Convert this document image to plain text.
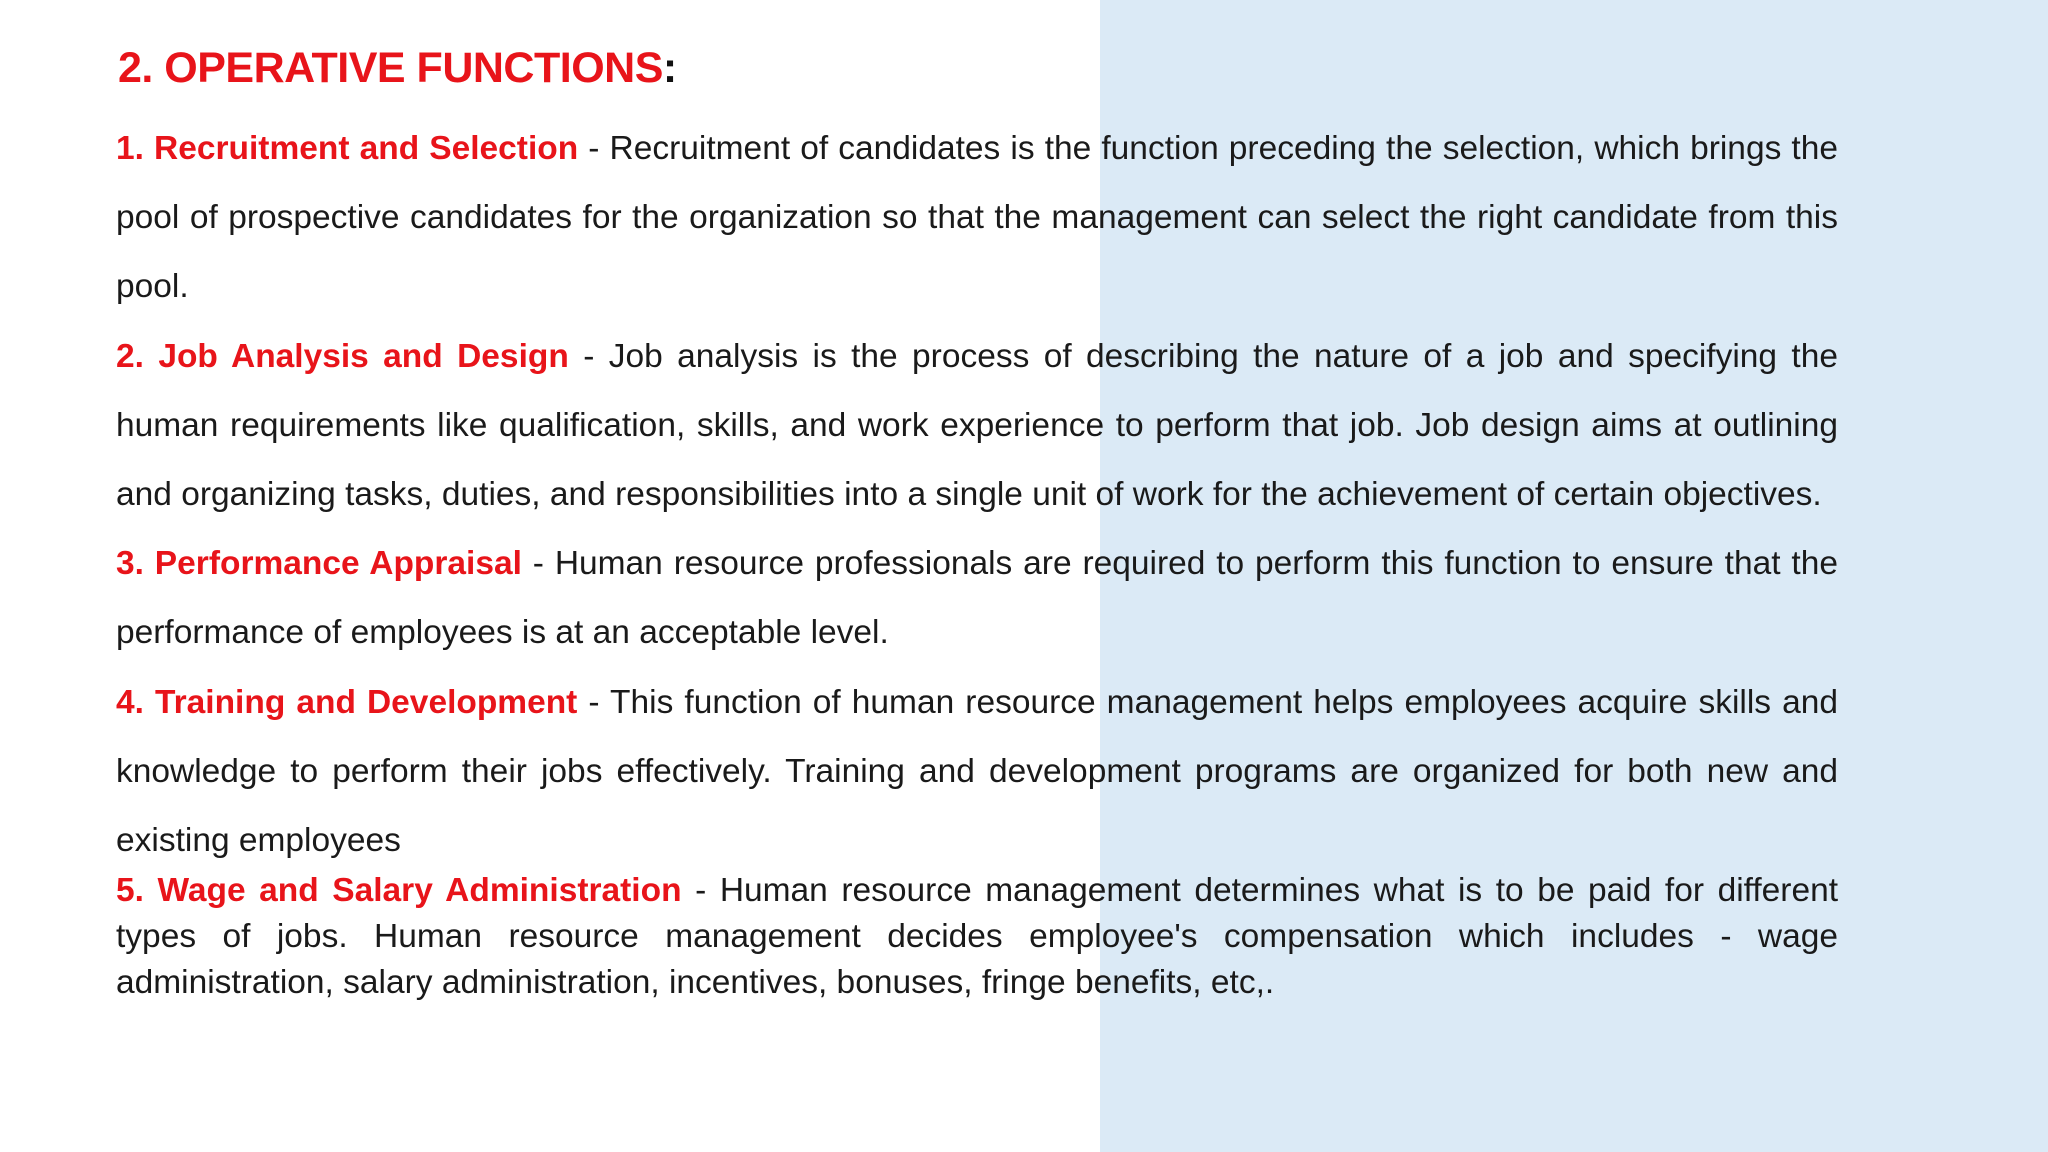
2. OPERATIVE FUNCTIONS:

1. Recruitment and Selection - Recruitment of candidates is the function preceding the selection, which brings the pool of prospective candidates for the organization so that the management can select the right candidate from this pool.

2. Job Analysis and Design - Job analysis is the process of describing the nature of a job and specifying the human requirements like qualification, skills, and work experience to perform that job. Job design aims at outlining and organizing tasks, duties, and responsibilities into a single unit of work for the achievement of certain objectives.

3. Performance Appraisal - Human resource professionals are required to perform this function to ensure that the performance of employees is at an acceptable level.

4. Training and Development - This function of human resource management helps employees acquire skills and knowledge to perform their jobs effectively. Training and development programs are organized for both new and existing employees

5. Wage and Salary Administration - Human resource management determines what is to be paid for different types of jobs. Human resource management decides employee's compensation which includes - wage administration, salary administration, incentives, bonuses, fringe benefits, etc,.
